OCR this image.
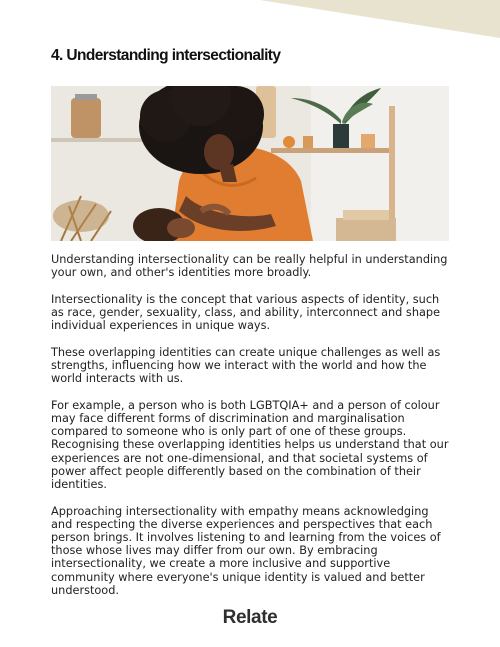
4. Understanding intersectionality

Understanding intersectionality can be really helpful in understanding your own, and other's identities more broadly.

Intersectionality is the concept that various aspects of identity, such as race, gender, sexuality, class, and ability, interconnect and shape individual experiences in unique ways.

These overlapping identities can create unique challenges as well as strengths, influencing how we interact with the world and how the world interacts with us.

For example, a person who is both LGBTQIA+ and a person of colour may face different forms of discrimination and marginalisation compared to someone who is only part of one of these groups. Recognising these overlapping identities helps us understand that our experiences are not one-dimensional, and that societal systems of power affect people differently based on the combination of their identities.

Approaching intersectionality with empathy means acknowledging and respecting the diverse experiences and perspectives that each person brings. It involves listening to and learning from the voices of those whose lives may differ from our own. By embracing intersectionality, we create a more inclusive and supportive community where everyone's unique identity is valued and better understood.

Relate
